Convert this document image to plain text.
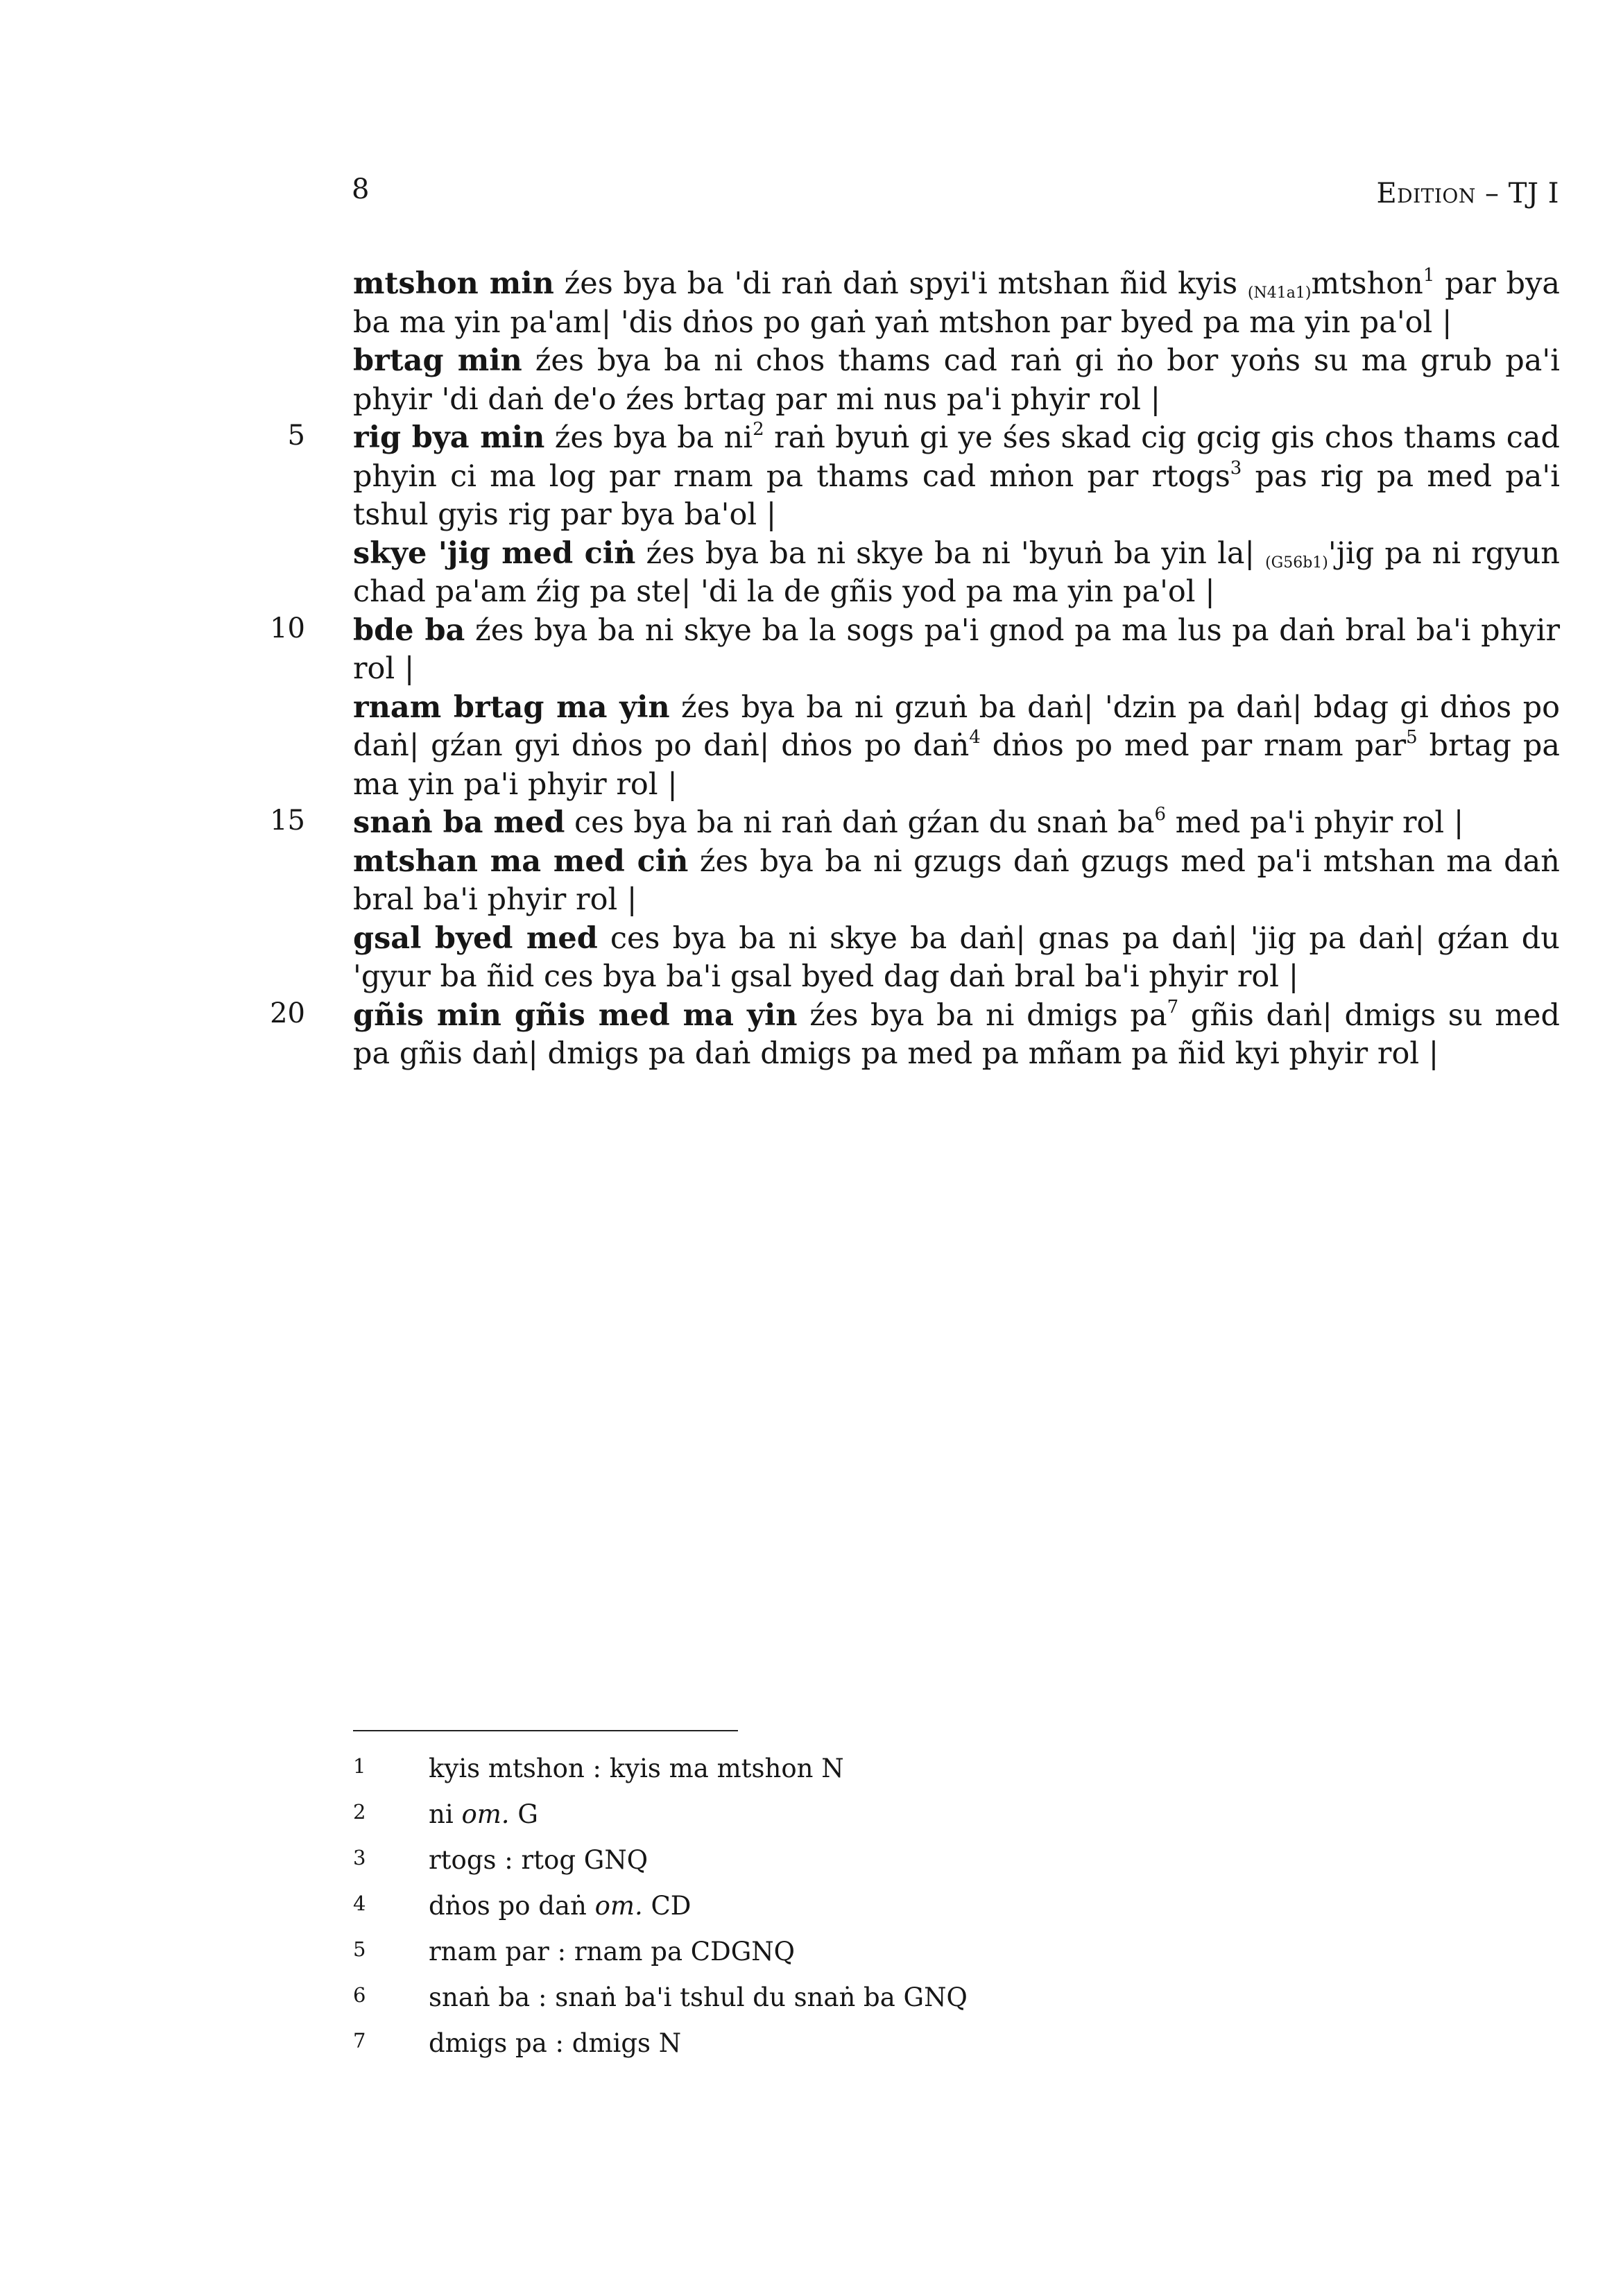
8	Edition – TJ I
5
10
15
20

mtshon min źes bya ba 'di raṅ daṅ spyi'i mtshan ñid kyis $_{(N41a1)}$mtshon$^1$ par bya ba ma yin pa'am| 'dis dṅos po gaṅ yaṅ mtshon par byed pa ma yin pa'ol |

brtag min źes bya ba ni chos thams cad raṅ gi ṅo bor yoṅs su ma grub pa'i phyir 'di daṅ de'o źes brtag par mi nus pa'i phyir rol |

rig bya min źes bya ba $ni^2$ raṅ byuṅ gi ye śes skad cig gcig gis chos thams cad phyin ci ma log par rnam pa thams cad mṅon par rtogs$^3$ pas rig pa med pa'i tshul gyis rig par bya ba'ol |

skye 'jig med ciṅ źes bya ba ni skye ba ni 'byuṅ ba yin la| $_{(G56b1)}$'jig pa ni rgyun chad pa'am źig pa ste| 'di la de gñis yod pa ma yin pa'ol |

bde ba źes bya ba ni skye ba la sogs pa'i gnod pa ma lus pa daṅ bral ba'i phyir rol |

rnam brtag ma yin źes bya ba ni gzuṅ ba daṅ| 'dzin pa daṅ| bdag gi dṅos po daṅ| gźan gyi dṅos po daṅ| dṅos po daṅ$^4$ dṅos po med par rnam par$^5$ brtag pa ma yin pa'i phyir rol |

snaṅ ba med ces bya ba ni raṅ daṅ gźan du snaṅ $ba^6$ med pa'i phyir rol |

mtshan ma med ciṅ źes bya ba ni gzugs daṅ gzugs med pa'i mtshan ma daṅ bral ba'i phyir rol |

gsal byed med ces bya ba ni skye ba daṅ| gnas pa daṅ| 'jig pa daṅ| gźan du 'gyur ba ñid ces bya ba'i gsal byed dag daṅ bral ba'i phyir rol |

gñis min gñis med ma yin źes bya ba ni dmigs $pa^7$ gñis daṅ| dmigs su med pa gñis daṅ| dmigs pa daṅ dmigs pa med pa mñam pa ñid kyi phyir rol |

1 kyis mtshon : kyis ma mtshon N
2 ni om. G
3 rtogs : rtog GNQ
4 dṅos po daṅ om. CD
5 rnam par : rnam pa CDGNQ
6 snaṅ ba : snaṅ ba'i tshul du snaṅ ba GNQ
7 dmigs pa : dmigs N
